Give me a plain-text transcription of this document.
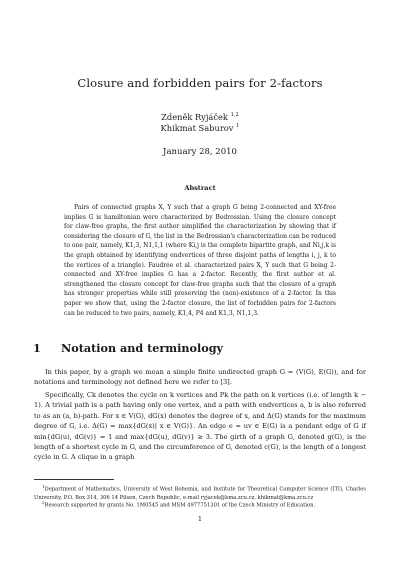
Closure and forbidden pairs for 2-factors
Zdeněk Ryjáček $^{1,2}$
Khikmat Saburov $^1$
January 28, 2010
Abstract

Pairs of connected graphs X, Y such that a graph G being 2-connected and XY-free implies G is hamiltonian were characterized by Bedrossian. Using the closure concept for claw-free graphs, the first author simplified the characterization by showing that if considering the closure of G, the list in the Bedrossian's characterization can be reduced to one pair, namely, K1,3, N1,1,1 (where Ki,j is the complete bipartite graph, and Ni,j,k is the graph obtained by identifying endvertices of three disjoint paths of lengths i, j, k to the vertices of a triangle). Faudree et al. characterized pairs X, Y such that G being 2-connected and XY-free implies G has a 2-factor. Recently, the first author et al. strengthened the closure concept for claw-free graphs such that the closure of a graph has stronger properties while still preserving the (non)-existence of a 2-factor. In this paper we show that, using the 2-factor closure, the list of forbidden pairs for 2-factors can be reduced to two pairs, namely, K1,4, P4 and K1,3, N1,1,3.

1 Notation and terminology

In this paper, by a graph we mean a simple finite undirected graph G = (V(G), E(G)), and for notations and terminology not defined here we refer to [3].

Specifically, Ck denotes the cycle on k vertices and Pk the path on k vertices (i.e. of length k − 1). A trivial path is a path having only one vertex, and a path with endvertices a, b is also referred to as an (a, b)-path. For x ∈ V(G), dG(x) denotes the degree of x, and Δ(G) stands for the maximum degree of G, i.e. Δ(G) = max{dG(x)| x ∈ V(G)}. An edge e = uv ∈ E(G) is a pendant edge of G if min{dG(u), dG(v)} = 1 and max{dG(u), dG(v)} ≥ 3. The girth of a graph G, denoted g(G), is the length of a shortest cycle in G, and the circumference of G, denoted c(G), is the length of a longest cycle in G. A clique in a graph

$^1$Department of Mathematics, University of West Bohemia, and Institute for Theoretical Computer Science (ITI), Charles University, P.O. Box 314, 306 14 Pilsen, Czech Republic, e-mail ryjacek@kma.zcu.cz, khikmat@kma.zcu.cz

$^2$Research supported by grants No. 1M0545 and MSM 4977751301 of the Czech Ministry of Education.

1
